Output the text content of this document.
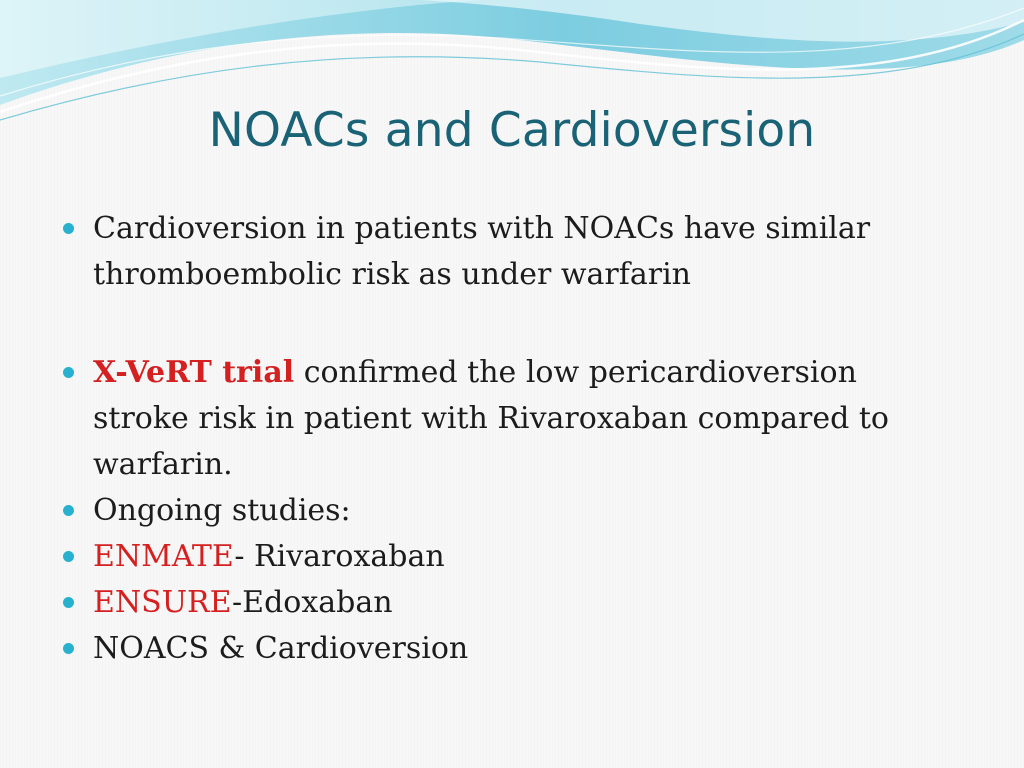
NOACs and Cardioversion
Cardioversion in patients with NOACs have similar thromboembolic risk as under warfarin
X-VeRT trial confirmed the low pericardioversion stroke risk in patient with Rivaroxaban compared to warfarin.
Ongoing studies:
ENMATE- Rivaroxaban
ENSURE-Edoxaban
NOACS & Cardioversion
